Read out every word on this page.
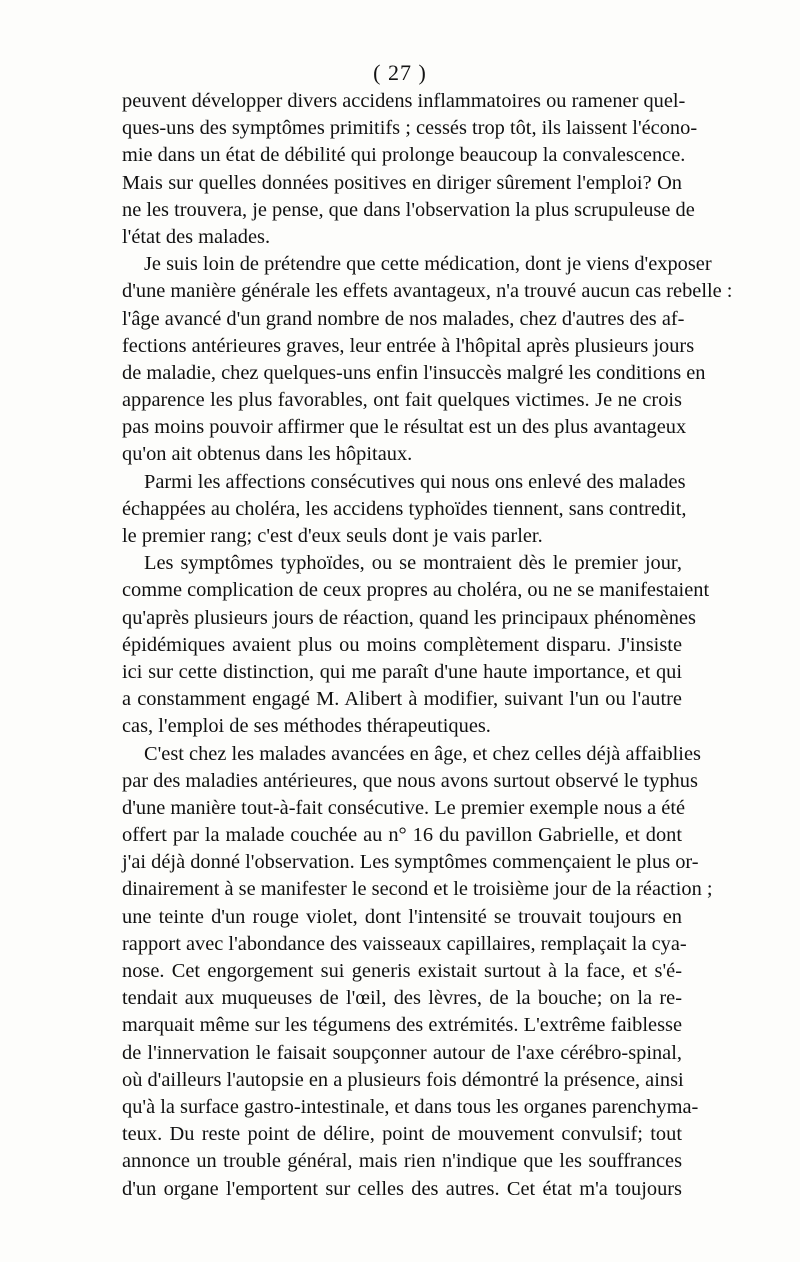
( 27 )
peuvent développer divers accidens inflammatoires ou ramener quel-
ques-uns des symptômes primitifs ; cessés trop tôt, ils laissent l'écono-
mie dans un état de débilité qui prolonge beaucoup la convalescence.
Mais sur quelles données positives en diriger sûrement l'emploi? On
ne les trouvera, je pense, que dans l'observation la plus scrupuleuse de
l'état des malades.
Je suis loin de prétendre que cette médication, dont je viens d'exposer
d'une manière générale les effets avantageux, n'a trouvé aucun cas rebelle :
l'âge avancé d'un grand nombre de nos malades, chez d'autres des af-
fections antérieures graves, leur entrée à l'hôpital après plusieurs jours
de maladie, chez quelques-uns enfin l'insuccès malgré les conditions en
apparence les plus favorables, ont fait quelques victimes. Je ne crois
pas moins pouvoir affirmer que le résultat est un des plus avantageux
qu'on ait obtenus dans les hôpitaux.
Parmi les affections consécutives qui nous ons enlevé des malades
échappées au choléra, les accidens typhoïdes tiennent, sans contredit,
le premier rang; c'est d'eux seuls dont je vais parler.
Les symptômes typhoïdes, ou se montraient dès le premier jour,
comme complication de ceux propres au choléra, ou ne se manifestaient
qu'après plusieurs jours de réaction, quand les principaux phénomènes
épidémiques avaient plus ou moins complètement disparu. J'insiste
ici sur cette distinction, qui me paraît d'une haute importance, et qui
a constamment engagé M. Alibert à modifier, suivant l'un ou l'autre
cas, l'emploi de ses méthodes thérapeutiques.
C'est chez les malades avancées en âge, et chez celles déjà affaiblies
par des maladies antérieures, que nous avons surtout observé le typhus
d'une manière tout-à-fait consécutive. Le premier exemple nous a été
offert par la malade couchée au n° 16 du pavillon Gabrielle, et dont
j'ai déjà donné l'observation. Les symptômes commençaient le plus or-
dinairement à se manifester le second et le troisième jour de la réaction ;
une teinte d'un rouge violet, dont l'intensité se trouvait toujours en
rapport avec l'abondance des vaisseaux capillaires, remplaçait la cya-
nose. Cet engorgement sui generis existait surtout à la face, et s'é-
tendait aux muqueuses de l'œil, des lèvres, de la bouche; on la re-
marquait même sur les tégumens des extrémités. L'extrême faiblesse
de l'innervation le faisait soupçonner autour de l'axe cérébro-spinal,
où d'ailleurs l'autopsie en a plusieurs fois démontré la présence, ainsi
qu'à la surface gastro-intestinale, et dans tous les organes parenchyma-
teux. Du reste point de délire, point de mouvement convulsif; tout
annonce un trouble général, mais rien n'indique que les souffrances
d'un organe l'emportent sur celles des autres. Cet état m'a toujours
